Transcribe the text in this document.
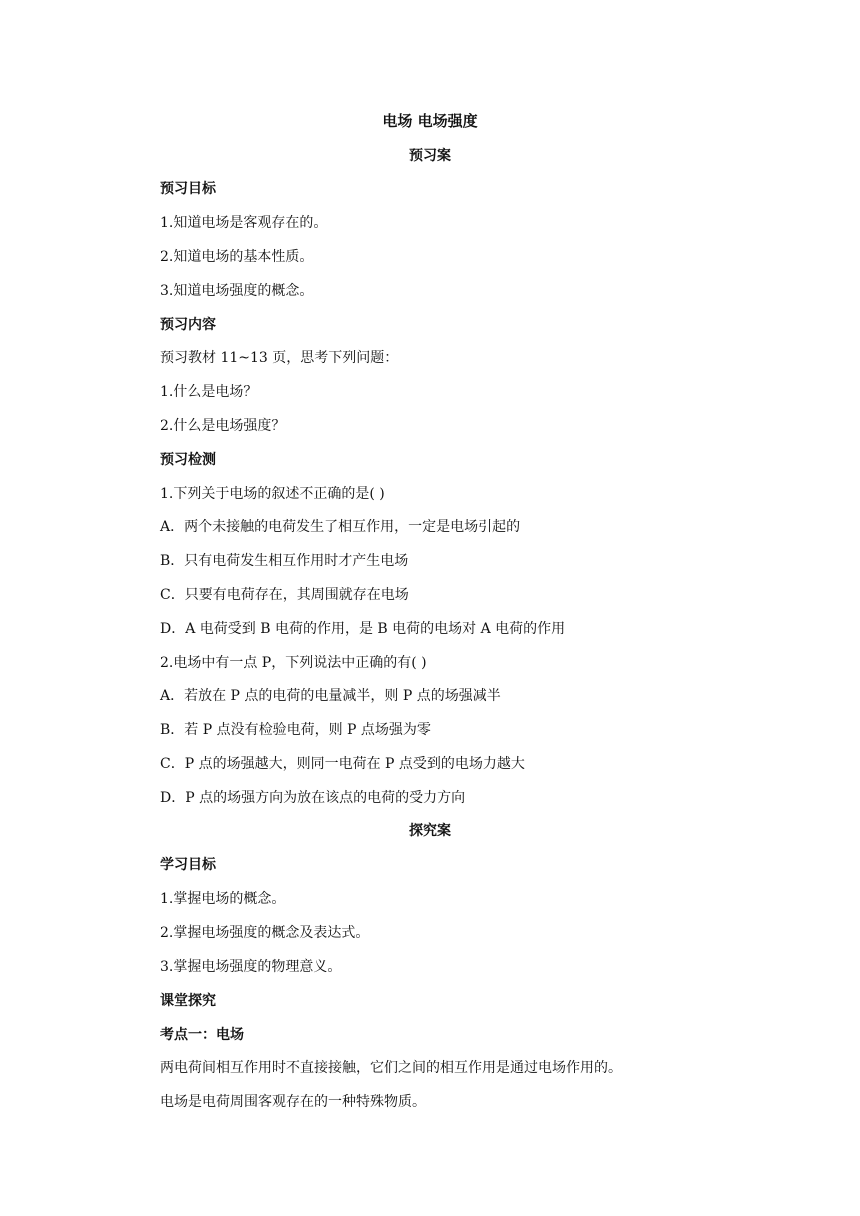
电场 电场强度
预习案
预习目标
1.知道电场是客观存在的。
2.知道电场的基本性质。
3.知道电场强度的概念。
预习内容
预习教材 11~13 页，思考下列问题：
1.什么是电场？
2.什么是电场强度？
预习检测
1.下列关于电场的叙述不正确的是( )
A．两个未接触的电荷发生了相互作用，一定是电场引起的
B．只有电荷发生相互作用时才产生电场
C．只要有电荷存在，其周围就存在电场
D．A 电荷受到 B 电荷的作用，是 B 电荷的电场对 A 电荷的作用
2.电场中有一点 P，下列说法中正确的有( )
A．若放在 P 点的电荷的电量减半，则 P 点的场强减半
B．若 P 点没有检验电荷，则 P 点场强为零
C．P 点的场强越大，则同一电荷在 P 点受到的电场力越大
D．P 点的场强方向为放在该点的电荷的受力方向
探究案
学习目标
1.掌握电场的概念。
2.掌握电场强度的概念及表达式。
3.掌握电场强度的物理意义。
课堂探究
考点一：电场
两电荷间相互作用时不直接接触，它们之间的相互作用是通过电场作用的。
电场是电荷周围客观存在的一种特殊物质。
